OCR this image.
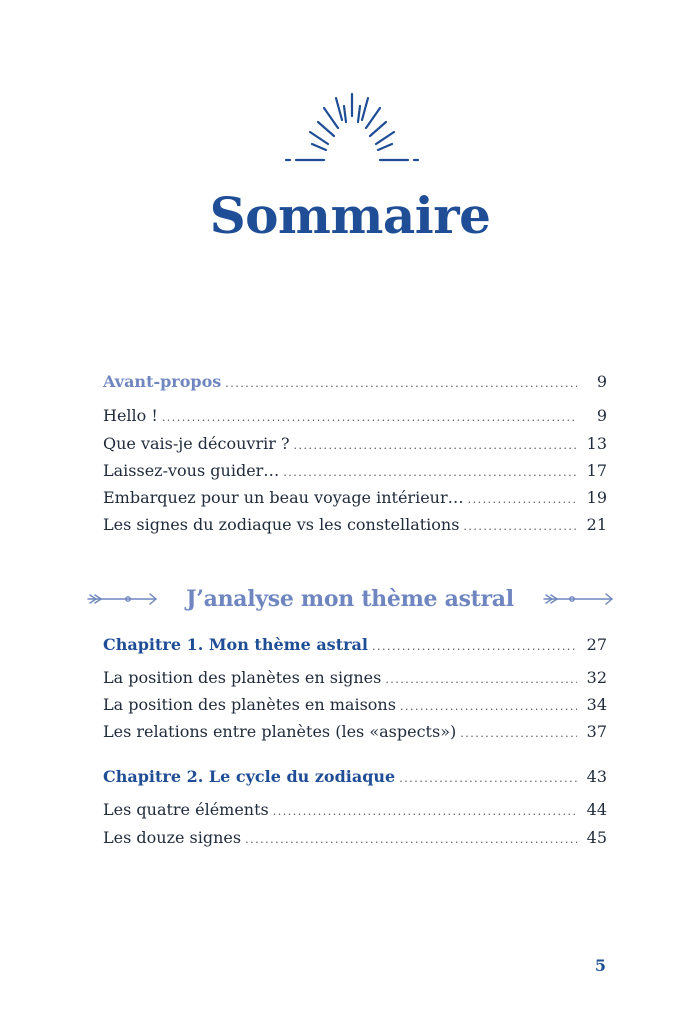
Sommaire
Avant-propos .....	9
Hello ! .....	9
Que vais-je découvrir ? .....	13
Laissez-vous guider… .....	17
Embarquez pour un beau voyage intérieur… .....	19
Les signes du zodiaque vs les constellations .....	21
Chapitre 1. Mon thème astral .....	27
La position des planètes en signes .....	32
La position des planètes en maisons .....	34
Les relations entre planètes (les «aspects») .....	37
Chapitre 2. Le cycle du zodiaque .....	43
Les quatre éléments .....	44
Les douze signes .....	45
J’analyse mon thème astral
5
